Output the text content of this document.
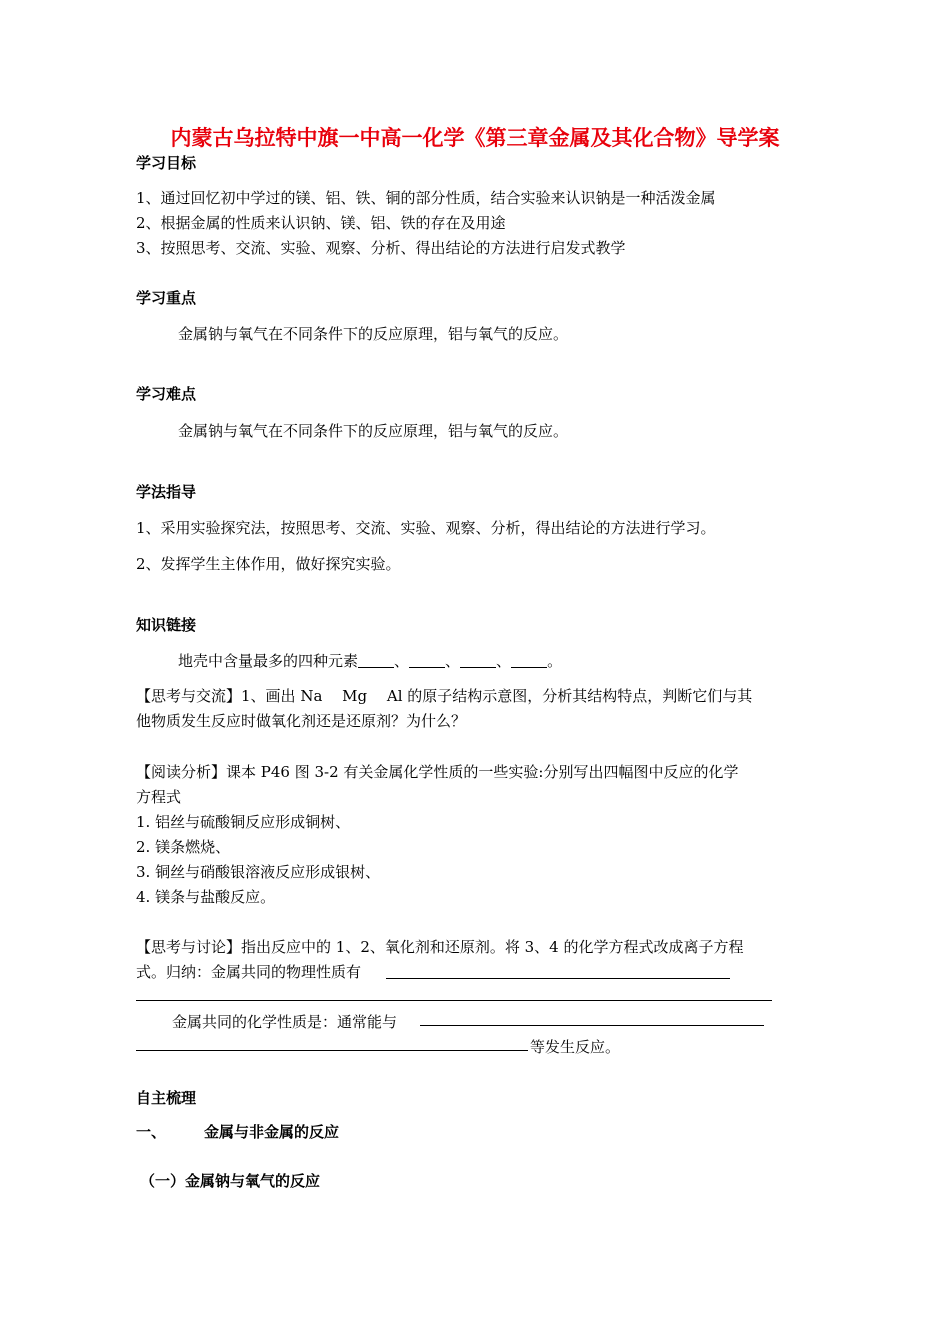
内蒙古乌拉特中旗一中高一化学《第三章金属及其化合物》导学案
学习目标
1、通过回忆初中学过的镁、铝、铁、铜的部分性质，结合实验来认识钠是一种活泼金属
2、根据金属的性质来认识钠、镁、铝、铁的存在及用途
3、按照思考、交流、实验、观察、分析、得出结论的方法进行启发式教学
学习重点
金属钠与氧气在不同条件下的反应原理，铝与氧气的反应。
学习难点
金属钠与氧气在不同条件下的反应原理，铝与氧气的反应。
学法指导
1、采用实验探究法，按照思考、交流、实验、观察、分析，得出结论的方法进行学习。
2、发挥学生主体作用，做好探究实验。
知识链接
地壳中含量最多的四种元素 、 、 、 。
【思考与交流】1、画出 Na　 Mg　 Al 的原子结构示意图，分析其结构特点，判断它们与其
他物质发生反应时做氧化剂还是还原剂？为什么？
【阅读分析】课本 P46 图 3-2 有关金属化学性质的一些实验:分别写出四幅图中反应的化学
方程式
1. 铝丝与硫酸铜反应形成铜树、
2. 镁条燃烧、
3. 铜丝与硝酸银溶液反应形成银树、
4. 镁条与盐酸反应。
【思考与讨论】指出反应中的 1、2、氧化剂和还原剂。将 3、4 的化学方程式改成离子方程
式。归纳：金属共同的物理性质有
金属共同的化学性质是：通常能与
等发生反应。
自主梳理
一、	金属与非金属的反应
（一）金属钠与氧气的反应
